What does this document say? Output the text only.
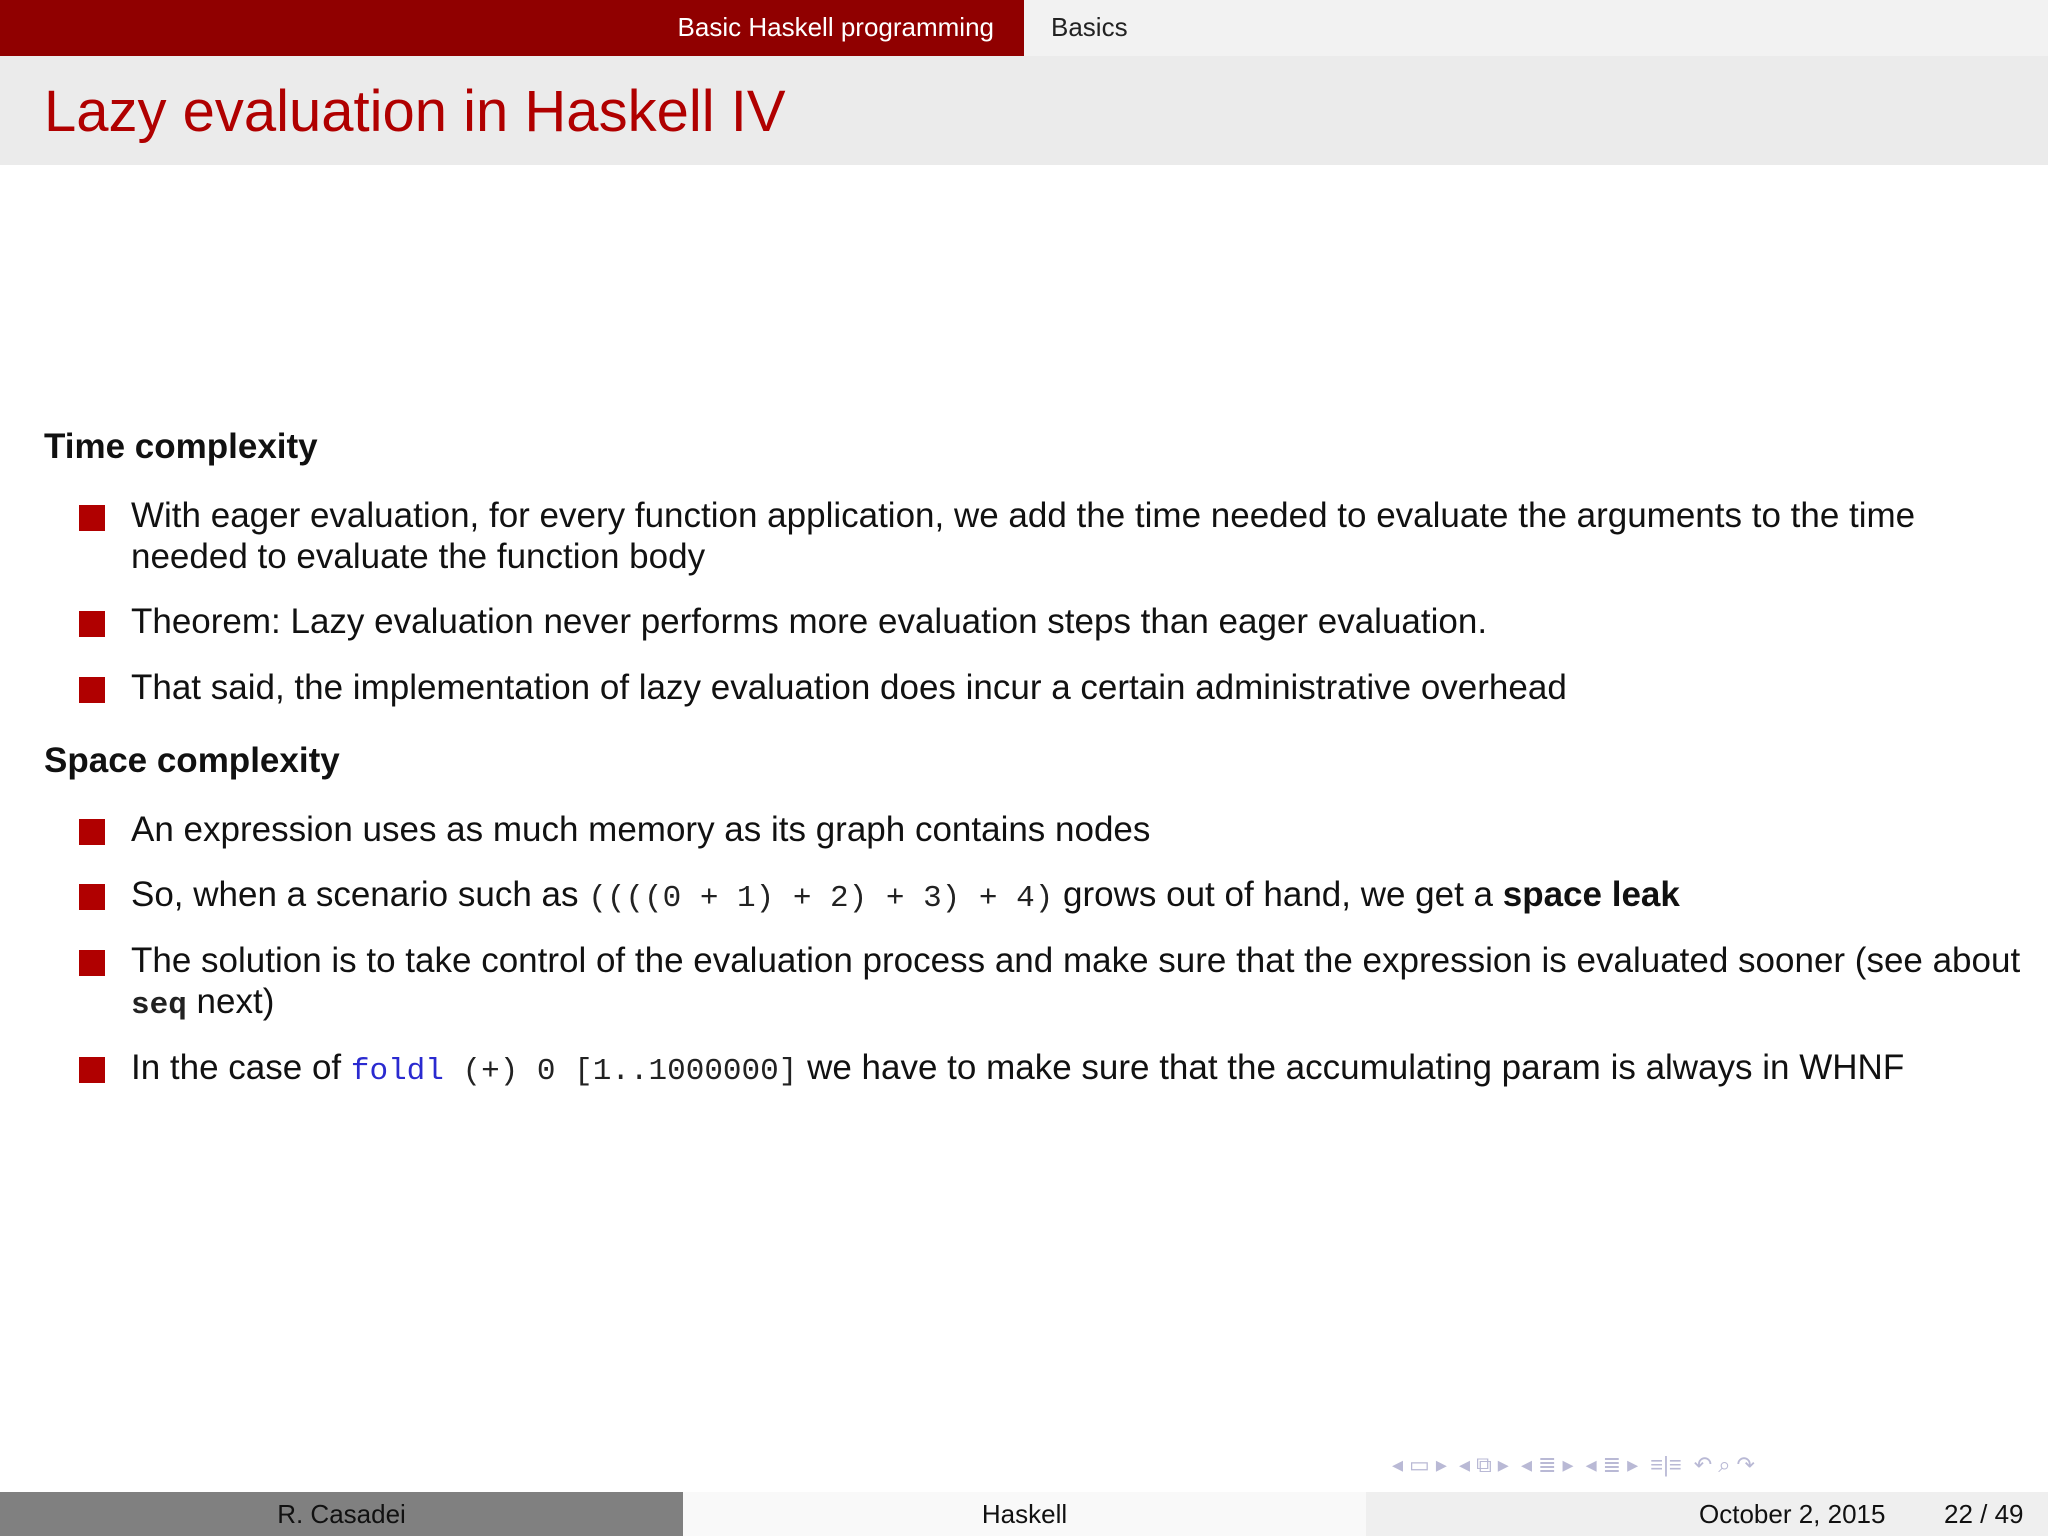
Basic Haskell programming Basics
Lazy evaluation in Haskell IV
Time complexity
With eager evaluation, for every function application, we add the time needed to evaluate the arguments to the time needed to evaluate the function body
Theorem: Lazy evaluation never performs more evaluation steps than eager evaluation.
That said, the implementation of lazy evaluation does incur a certain administrative overhead
Space complexity
An expression uses as much memory as its graph contains nodes
So, when a scenario such as ((((0 + 1) + 2) + 3) + 4) grows out of hand, we get a space leak
The solution is to take control of the evaluation process and make sure that the expression is evaluated sooner (see about seq next)
In the case of foldl (+) 0 [1..1000000] we have to make sure that the accumulating param is always in WHNF
◂ ▭ ▸ ◂ ⧉ ▸ ◂ ≣ ▸ ◂ ≣ ▸ ≡|≡ ↶ ⌕ ↷
R. Casadei	Haskell	October 2, 2015 22 / 49
